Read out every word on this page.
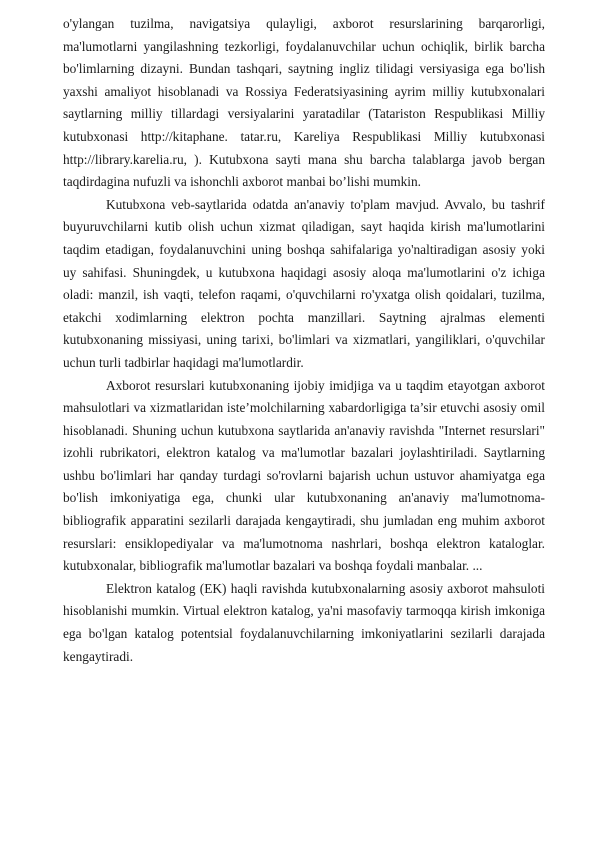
o'ylangan tuzilma, navigatsiya qulayligi, axborot resurslarining barqarorligi, ma'lumotlarni yangilashning tezkorligi, foydalanuvchilar uchun ochiqlik, birlik barcha bo'limlarning dizayni. Bundan tashqari, saytning ingliz tilidagi versiyasiga ega bo'lish yaxshi amaliyot hisoblanadi va Rossiya Federatsiyasining ayrim milliy kutubxonalari saytlarning milliy tillardagi versiyalarini yaratadilar (Tatariston Respublikasi Milliy kutubxonasi http://kitaphane. tatar.ru, Kareliya Respublikasi Milliy kutubxonasi http://library.karelia.ru, ). Kutubxona sayti mana shu barcha talablarga javob bergan taqdirdagina nufuzli va ishonchli axborot manbai bo’lishi mumkin.

Kutubxona veb-saytlarida odatda an'anaviy to'plam mavjud. Avvalo, bu tashrif buyuruvchilarni kutib olish uchun xizmat qiladigan, sayt haqida kirish ma'lumotlarini taqdim etadigan, foydalanuvchini uning boshqa sahifalariga yo'naltiradigan asosiy yoki uy sahifasi. Shuningdek, u kutubxona haqidagi asosiy aloqa ma'lumotlarini o'z ichiga oladi: manzil, ish vaqti, telefon raqami, o'quvchilarni ro'yxatga olish qoidalari, tuzilma, etakchi xodimlarning elektron pochta manzillari. Saytning ajralmas elementi kutubxonaning missiyasi, uning tarixi, bo'limlari va xizmatlari, yangiliklari, o'quvchilar uchun turli tadbirlar haqidagi ma'lumotlardir.

Axborot resurslari kutubxonaning ijobiy imidjiga va u taqdim etayotgan axborot mahsulotlari va xizmatlaridan iste’molchilarning xabardorligiga ta’sir etuvchi asosiy omil hisoblanadi. Shuning uchun kutubxona saytlarida an'anaviy ravishda "Internet resurslari" izohli rubrikatori, elektron katalog va ma'lumotlar bazalari joylashtiriladi. Saytlarning ushbu bo'limlari har qanday turdagi so'rovlarni bajarish uchun ustuvor ahamiyatga ega bo'lish imkoniyatiga ega, chunki ular kutubxonaning an'anaviy ma'lumotnoma-bibliografik apparatini sezilarli darajada kengaytiradi, shu jumladan eng muhim axborot resurslari: ensiklopediyalar va ma'lumotnoma nashrlari, boshqa elektron kataloglar. kutubxonalar, bibliografik ma'lumotlar bazalari va boshqa foydali manbalar. ...

Elektron katalog (EK) haqli ravishda kutubxonalarning asosiy axborot mahsuloti hisoblanishi mumkin. Virtual elektron katalog, ya'ni masofaviy tarmoqqa kirish imkoniga ega bo'lgan katalog potentsial foydalanuvchilarning imkoniyatlarini sezilarli darajada kengaytiradi.
